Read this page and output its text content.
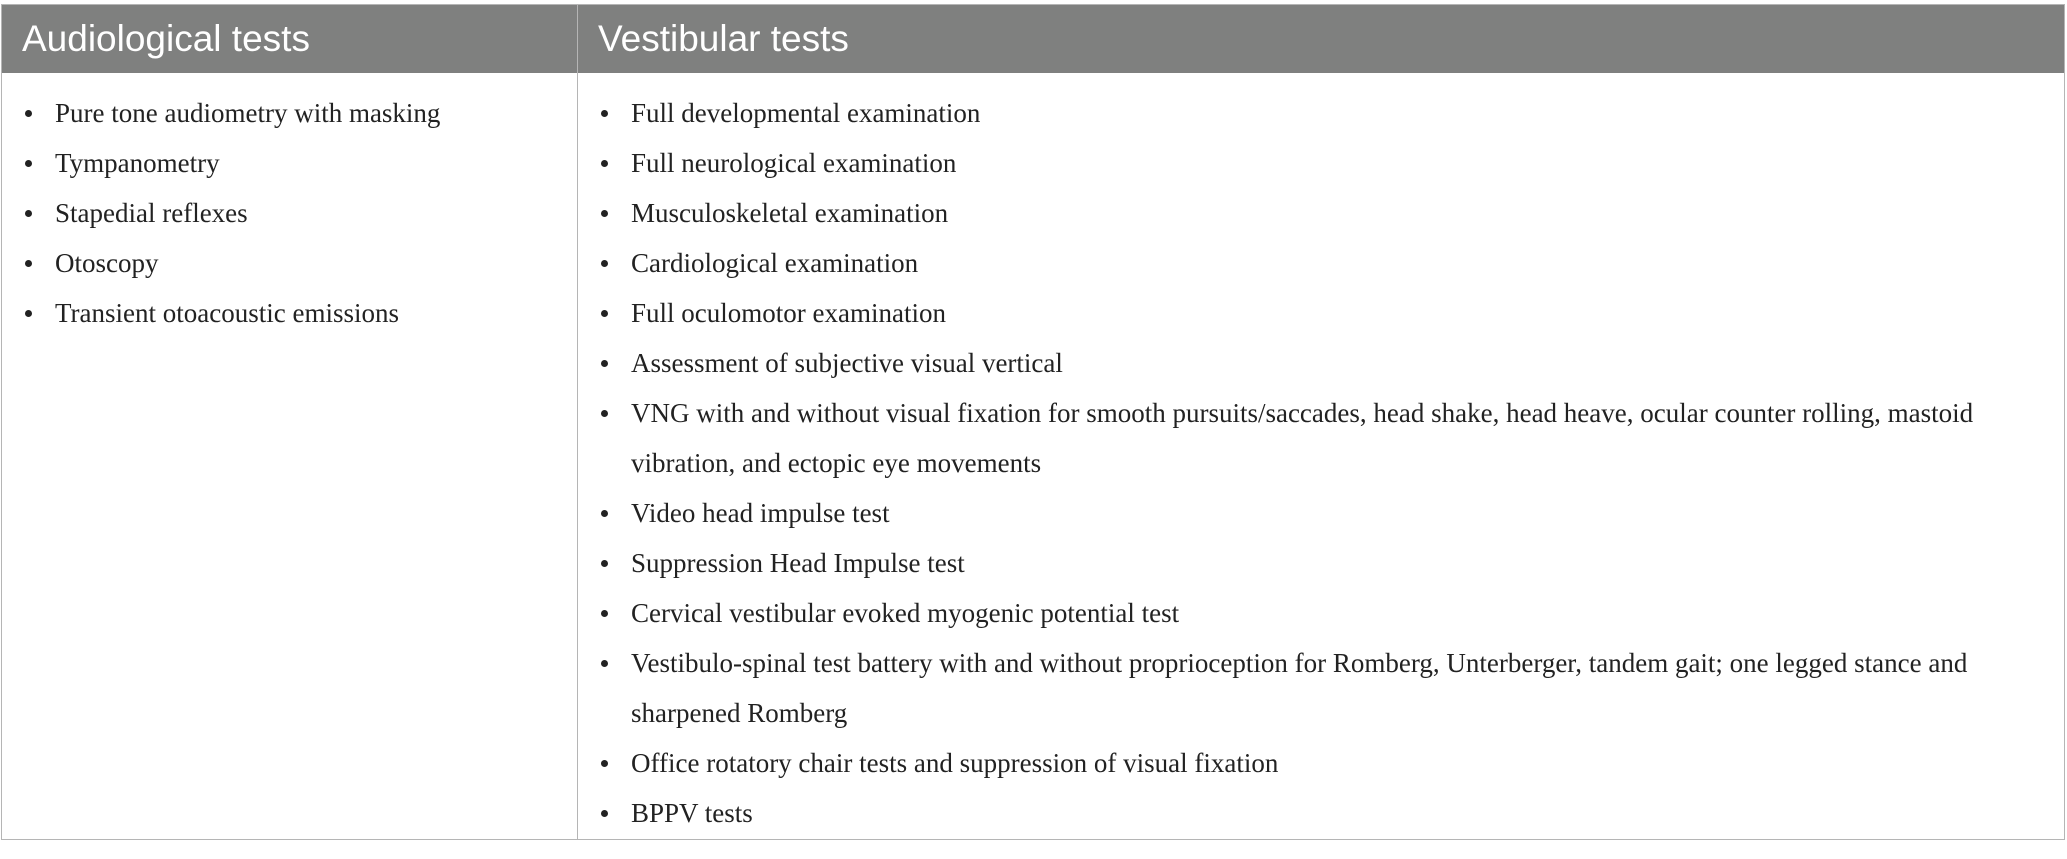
Audiological tests	Vestibular tests
Pure tone audiometry with masking
Tympanometry
Stapedial reflexes
Otoscopy
Transient otoacoustic emissions
Full developmental examination
Full neurological examination
Musculoskeletal examination
Cardiological examination
Full oculomotor examination
Assessment of subjective visual vertical
VNG with and without visual fixation for smooth pursuits/saccades, head shake, head heave, ocular counter rolling, mastoid vibration, and ectopic eye movements
Video head impulse test
Suppression Head Impulse test
Cervical vestibular evoked myogenic potential test
Vestibulo-spinal test battery with and without proprioception for Romberg, Unterberger, tandem gait; one legged stance and sharpened Romberg
Office rotatory chair tests and suppression of visual fixation
BPPV tests
